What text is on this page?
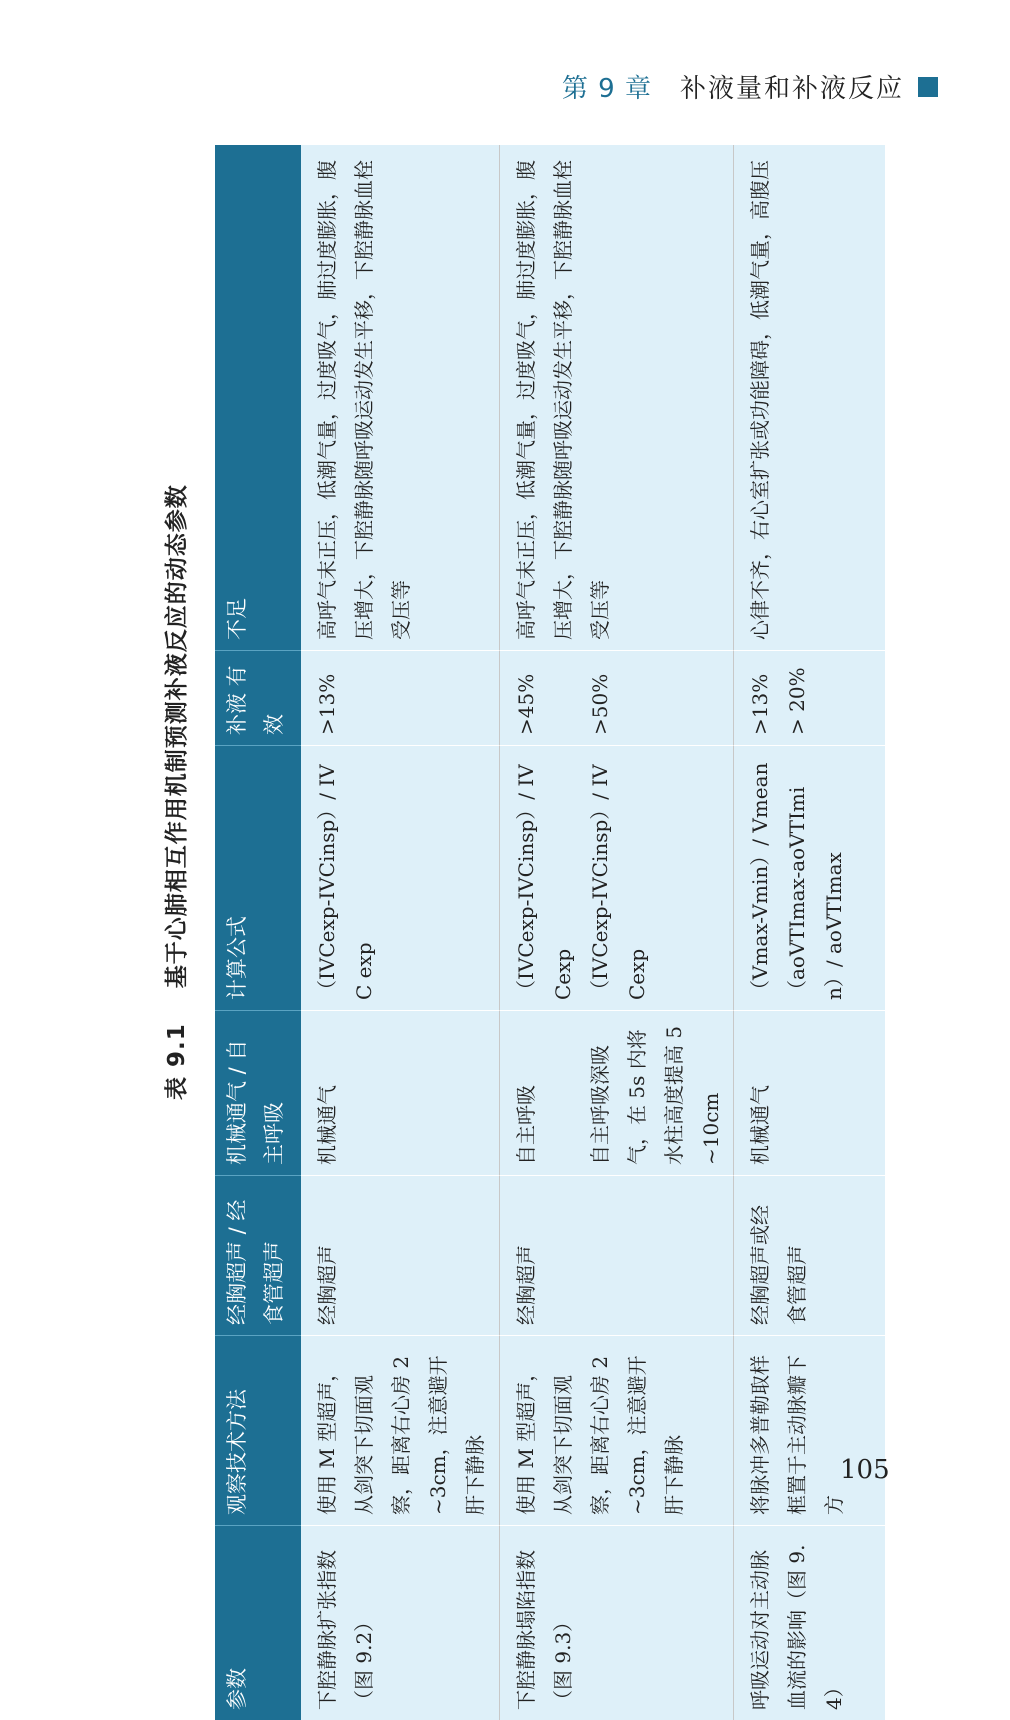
第 9 章 补液量和补液反应
表 9.1 基于心肺相互作用机制预测补液反应的动态参数
参数
观察技术方法
经胸超声 / 经食管超声
机械通气 / 自主呼吸
计算公式
补液 有效
不足
下腔静脉扩张指数（图 9.2）
使用 M 型超声，从剑突下切面观察，距离右心房 2~3cm，注意避开肝下静脉
经胸超声
机械通气
（IVCexp-IVCinsp）/ IVC exp
>13%
高呼气末正压，低潮气量，过度吸气，肺过度膨胀，腹压增大，下腔静脉随呼吸运动发生平移，下腔静脉血栓受压等
下腔静脉塌陷指数（图 9.3）
使用 M 型超声，从剑突下切面观察，距离右心房 2~3cm，注意避开肝下静脉
经胸超声
自主呼吸

自主呼吸深吸气，在 5s 内将水柱高度提高 5~10cm
（IVCexp-IVCinsp）/ IVCexp
（IVCexp-IVCinsp）/ IVCexp
>45%

>50%
高呼气末正压，低潮气量，过度吸气，肺过度膨胀，腹压增大，下腔静脉随呼吸运动发生平移，下腔静脉血栓受压等
呼吸运动对主动脉血流的影响（图 9.4）
将脉冲多普勒取样框置于主动脉瓣下方
经胸超声或经食管超声
机械通气
（Vmax-Vmin）/ Vmean
（aoVTImax-aoVTImin）/ aoVTImax
>13%
> 20%
心律不齐，右心室扩张或功能障碍，低潮气量，高腹压
105
